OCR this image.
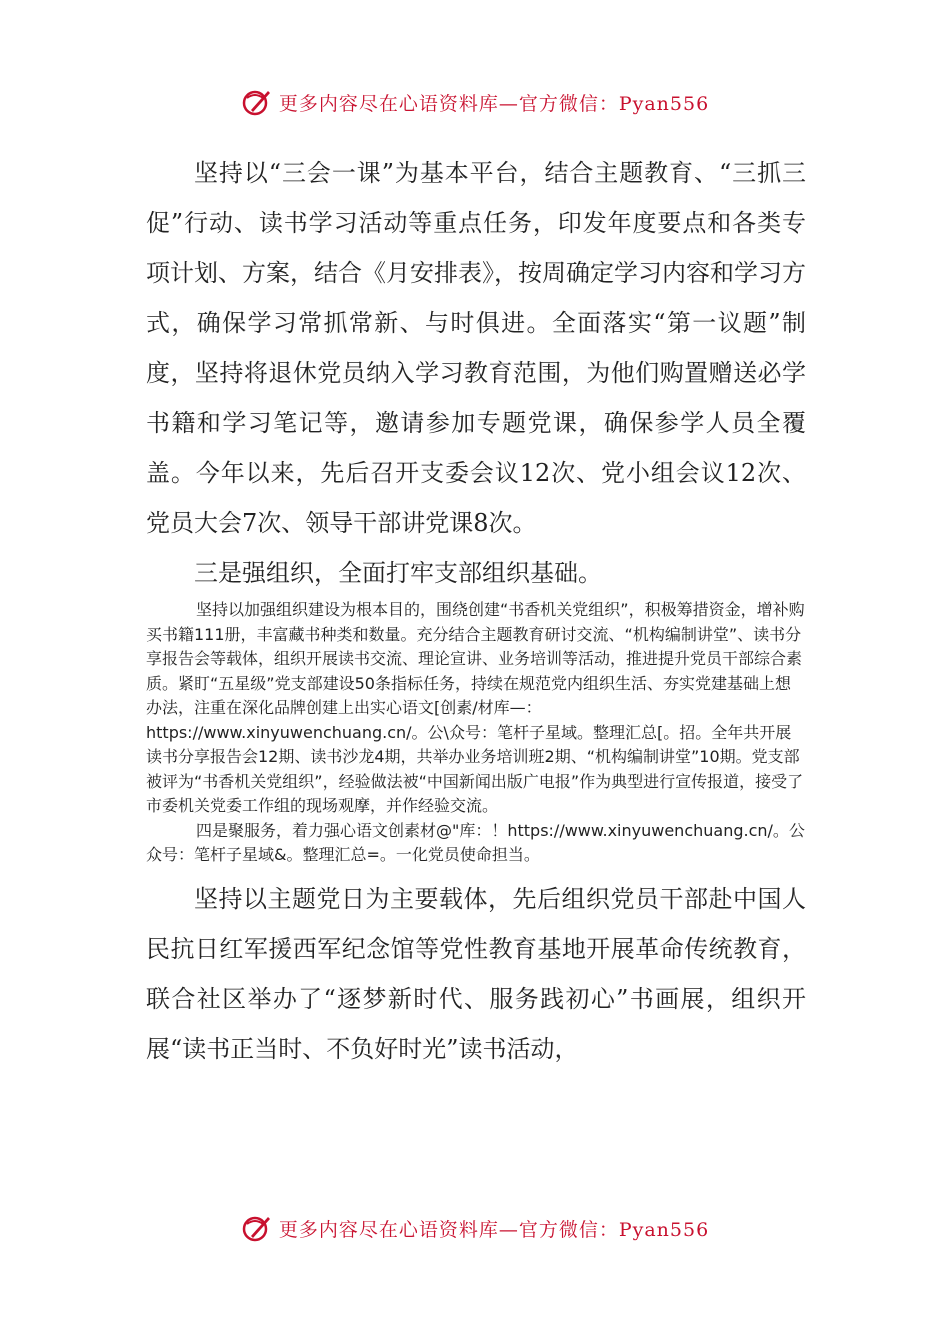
更多内容尽在心语资料库—官方微信：Pyan556

坚持以“三会一课”为基本平台，结合主题教育、“三抓三促”行动、读书学习活动等重点任务，印发年度要点和各类专项计划、方案，结合《月安排表》，按周确定学习内容和学习方式，确保学习常抓常新、与时俱进。全面落实“第一议题”制度，坚持将退休党员纳入学习教育范围，为他们购置赠送必学书籍和学习笔记等，邀请参加专题党课，确保参学人员全覆盖。今年以来，先后召开支委会议12次、党小组会议12次、党员大会7次、领导干部讲党课8次。

三是强组织，全面打牢支部组织基础。

坚持以加强组织建设为根本目的，围绕创建“书香机关党组织”，积极筹措资金，增补购买书籍111册，丰富藏书种类和数量。充分结合主题教育研讨交流、“机构编制讲堂”、读书分享报告会等载体，组织开展读书交流、理论宣讲、业务培训等活动，推进提升党员干部综合素质。紧盯“五星级”党支部建设50条指标任务，持续在规范党内组织生活、夯实党建基础上想办法，注重在深化品牌创建上出实心语文[创素/材库—：https://www.xinyuwenchuang.cn/。公\众号：笔杆子星域。整理汇总[。招。全年共开展读书分享报告会12期、读书沙龙4期，共举办业务培训班2期、“机构编制讲堂”10期。党支部被评为“书香机关党组织”，经验做法被“中国新闻出版广电报”作为典型进行宣传报道，接受了市委机关党委工作组的现场观摩，并作经验交流。

四是聚服务，着力强心语文创素材@"库：！https://www.xinyuwenchuang.cn/。公众号：笔杆子星域&。整理汇总=。一化党员使命担当。

坚持以主题党日为主要载体，先后组织党员干部赴中国人民抗日红军援西军纪念馆等党性教育基地开展革命传统教育，联合社区举办了“逐梦新时代、服务践初心”书画展，组织开展“读书正当时、不负好时光”读书活动，

更多内容尽在心语资料库—官方微信：Pyan556
